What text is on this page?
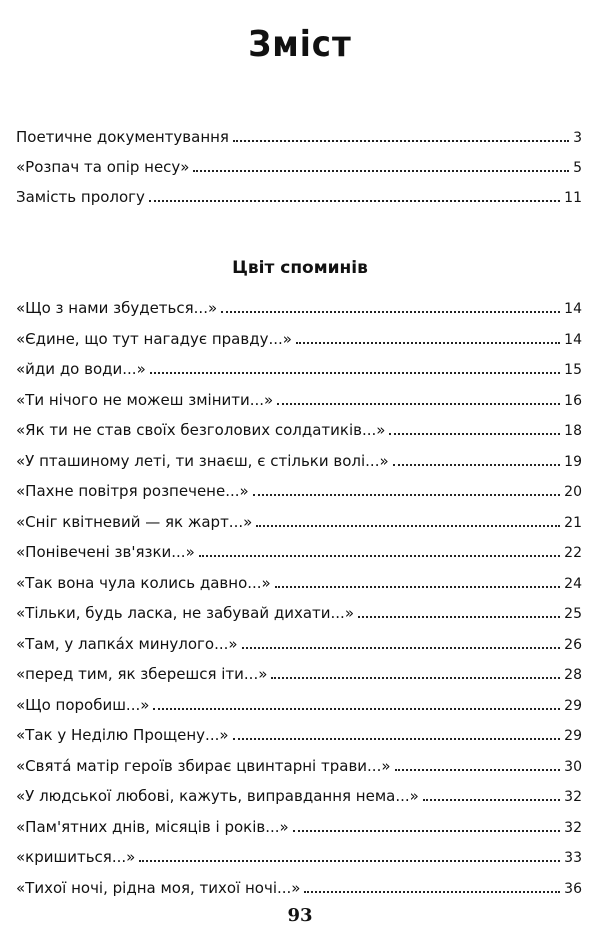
Зміст
Поетичне документування	3
«Розпач та опір несу»	5
Замість прологу	11
Цвіт споминів
«Що з нами збудеться...»	14
«Єдине, що тут нагадує правду...»	14
«йди до води...»	15
«Ти нічого не можеш змінити...»	16
«Як ти не став своїх безголових солдатиків...»	18
«У пташиному леті, ти знаєш, є стільки волі...»	19
«Пахне повітря розпечене...»	20
«Сніг квітневий — як жарт...»	21
«Понівечені зв'язки...»	22
«Так вона чула колись давно...»	24
«Тільки, будь ласка, не забувай дихати...»	25
«Там, у лапка́х минулого...»	26
«перед тим, як зберешся іти...»	28
«Що поробиш...»	29
«Так у Неділю Прощену...»	29
«Свята́ матір героїв збирає цвинтарні трави...»	30
«У людської любові, кажуть, виправдання нема...»	32
«Пам'ятних днів, місяців і років...»	32
«кришиться...»	33
«Тихої ночі, рідна моя, тихої ночі...»	36
93
